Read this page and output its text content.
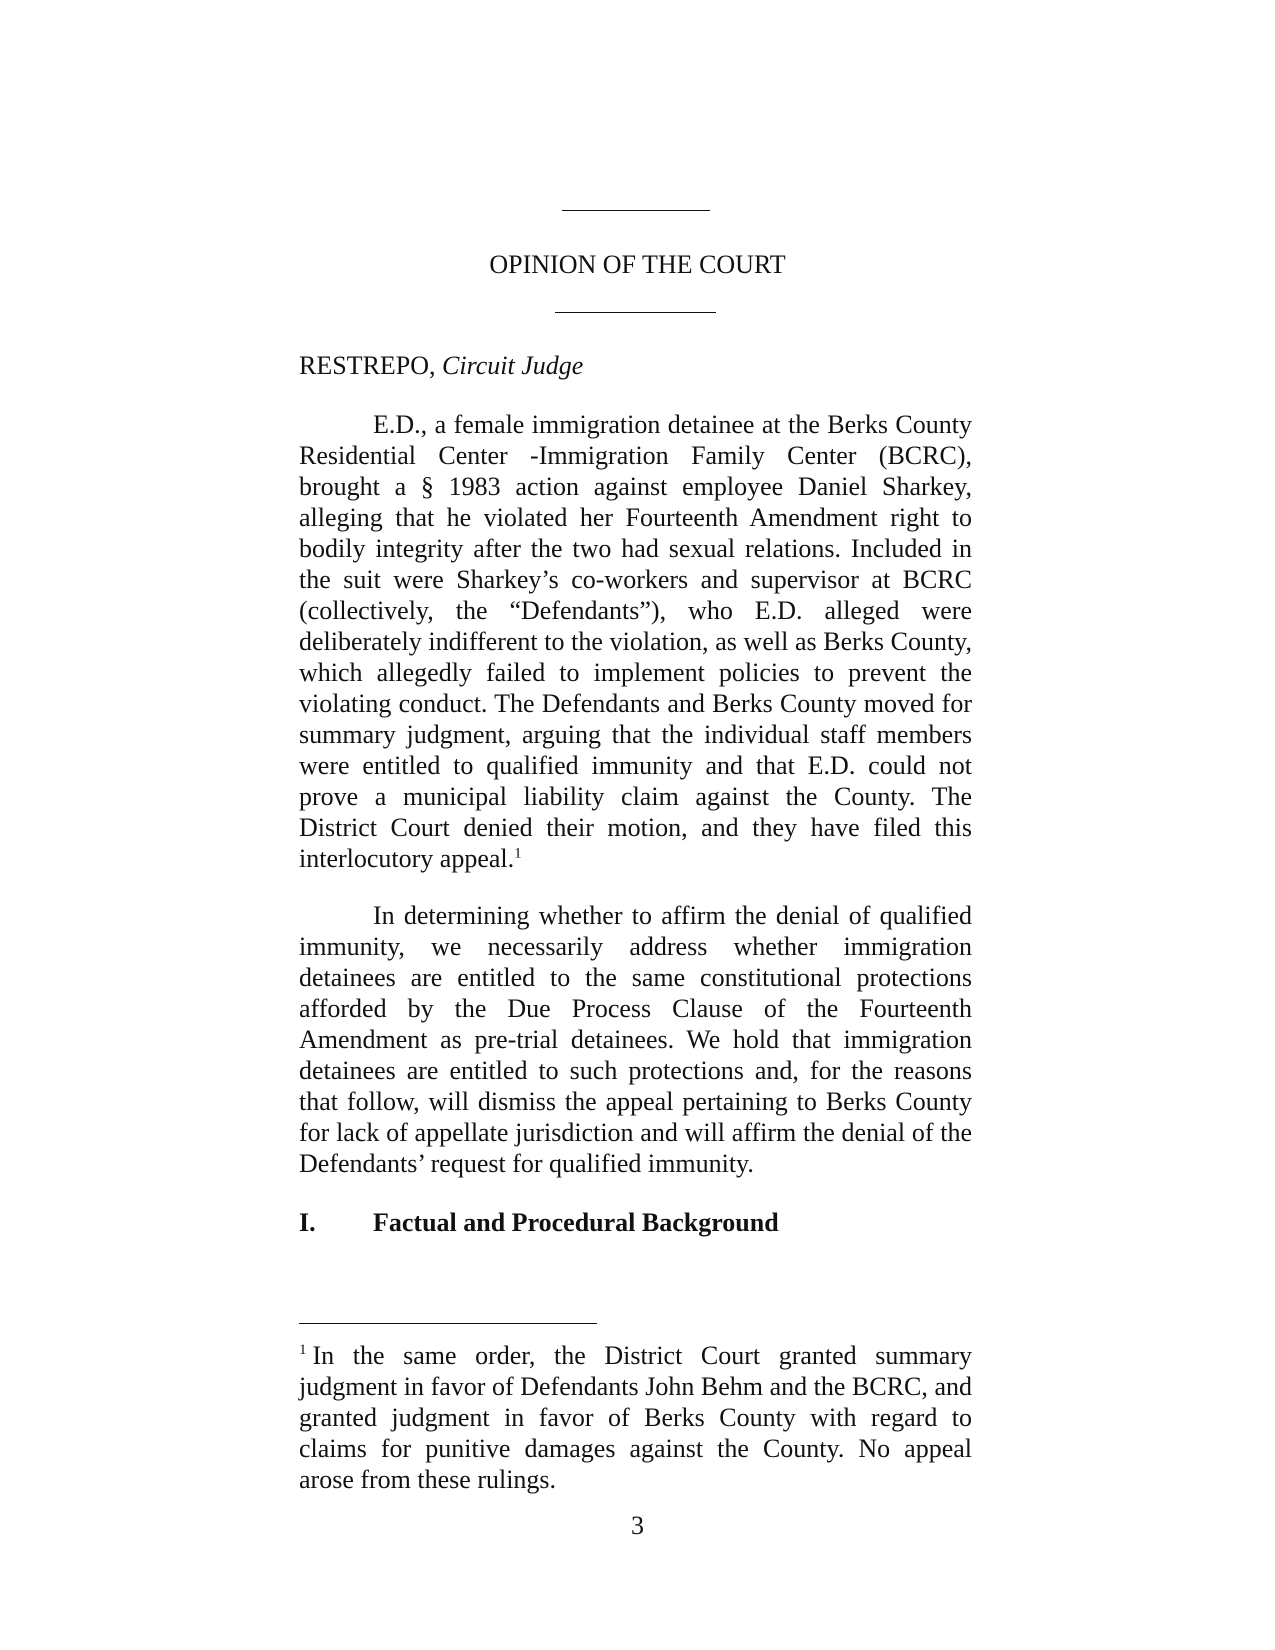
OPINION OF THE COURT
RESTREPO, Circuit Judge

E.D., a female immigration detainee at the Berks County Residential Center -Immigration Family Center (BCRC), brought a § 1983 action against employee Daniel Sharkey, alleging that he violated her Fourteenth Amendment right to bodily integrity after the two had sexual relations. Included in the suit were Sharkey’s co-workers and supervisor at BCRC (collectively, the “Defendants”), who E.D. alleged were deliberately indifferent to the violation, as well as Berks County, which allegedly failed to implement policies to prevent the violating conduct. The Defendants and Berks County moved for summary judgment, arguing that the individual staff members were entitled to qualified immunity and that E.D. could not prove a municipal liability claim against the County. The District Court denied their motion, and they have filed this interlocutory appeal.$^1$

In determining whether to affirm the denial of qualified immunity, we necessarily address whether immigration detainees are entitled to the same constitutional protections afforded by the Due Process Clause of the Fourteenth Amendment as pre-trial detainees. We hold that immigration detainees are entitled to such protections and, for the reasons that follow, will dismiss the appeal pertaining to Berks County for lack of appellate jurisdiction and will affirm the denial of the Defendants’ request for qualified immunity.

I. Factual and Procedural Background

$^1$ In the same order, the District Court granted summary judgment in favor of Defendants John Behm and the BCRC, and granted judgment in favor of Berks County with regard to claims for punitive damages against the County. No appeal arose from these rulings.

3
